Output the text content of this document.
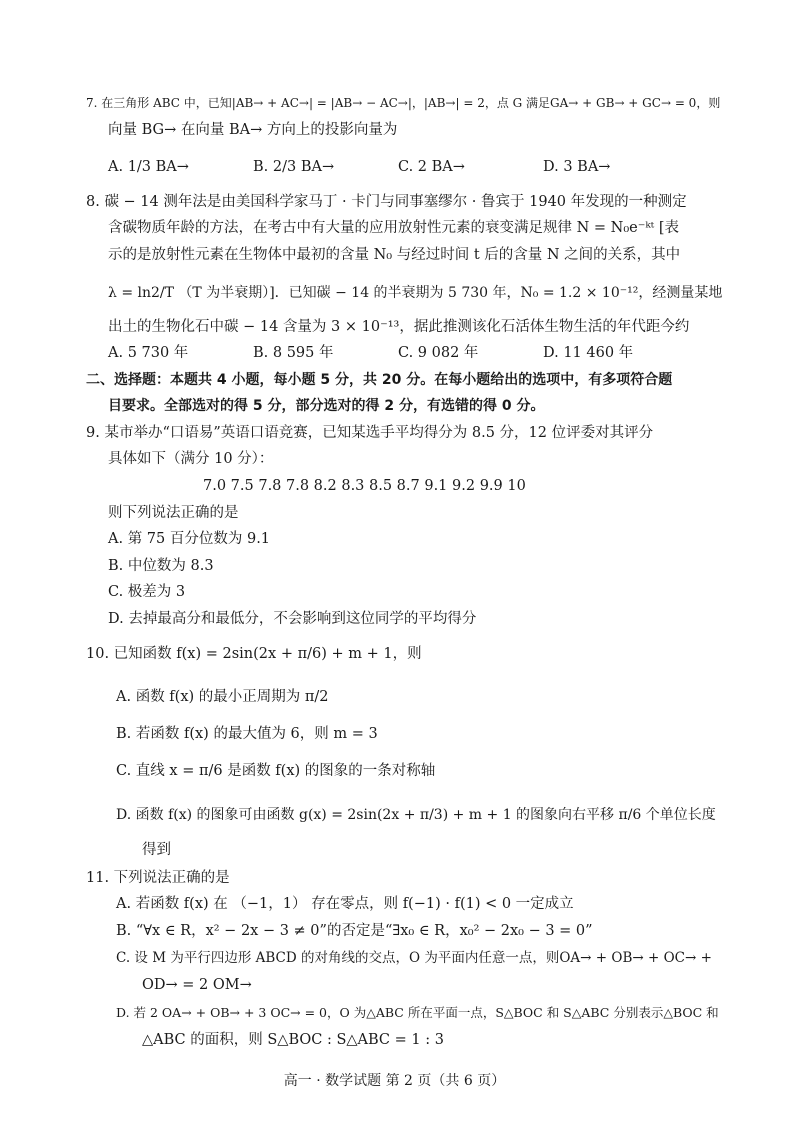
7. 在三角形 ABC 中，已知|AB→ + AC→| = |AB→ − AC→|，|AB→| = 2，点 G 满足GA→ + GB→ + GC→ = 0，则
向量 BG→ 在向量 BA→ 方向上的投影向量为
A. 1/3 BA→	B. 2/3 BA→	C. 2 BA→	D. 3 BA→
8. 碳 − 14 测年法是由美国科学家马丁 · 卡门与同事塞缪尔 · 鲁宾于 1940 年发现的一种测定
含碳物质年龄的方法，在考古中有大量的应用放射性元素的衰变满足规律 N = N₀e⁻ᵏᵗ [表
示的是放射性元素在生物体中最初的含量 N₀ 与经过时间 t 后的含量 N 之间的关系，其中
λ = ln2/T （T 为半衰期）]．已知碳 − 14 的半衰期为 5 730 年，N₀ = 1.2 × 10⁻¹²，经测量某地
出土的生物化石中碳 − 14 含量为 3 × 10⁻¹³，据此推测该化石活体生物生活的年代距今约
A. 5 730 年	B. 8 595 年	C. 9 082 年	D. 11 460 年
二、选择题：本题共 4 小题，每小题 5 分，共 20 分。在每小题给出的选项中，有多项符合题
目要求。全部选对的得 5 分，部分选对的得 2 分，有选错的得 0 分。
9. 某市举办“口语易”英语口语竞赛，已知某选手平均得分为 8.5 分，12 位评委对其评分
具体如下（满分 10 分）：
7.0 7.5 7.8 7.8 8.2 8.3 8.5 8.7 9.1 9.2 9.9 10
则下列说法正确的是
A. 第 75 百分位数为 9.1
B. 中位数为 8.3
C. 极差为 3
D. 去掉最高分和最低分，不会影响到这位同学的平均得分
10. 已知函数 f(x) = 2sin(2x + π/6) + m + 1，则
A. 函数 f(x) 的最小正周期为 π/2
B. 若函数 f(x) 的最大值为 6，则 m = 3
C. 直线 x = π/6 是函数 f(x) 的图象的一条对称轴
D. 函数 f(x) 的图象可由函数 g(x) = 2sin(2x + π/3) + m + 1 的图象向右平移 π/6 个单位长度
得到
11. 下列说法正确的是
A. 若函数 f(x) 在 （−1，1） 存在零点，则 f(−1) · f(1) < 0 一定成立
B. “∀x ∈ R，x² − 2x − 3 ≠ 0”的否定是“∃x₀ ∈ R，x₀² − 2x₀ − 3 = 0”
C. 设 M 为平行四边形 ABCD 的对角线的交点，O 为平面内任意一点，则OA→ + OB→ + OC→ +
OD→ = 2 OM→
D. 若 2 OA→ + OB→ + 3 OC→ = 0，O 为△ABC 所在平面一点，S△BOC 和 S△ABC 分别表示△BOC 和
△ABC 的面积，则 S△BOC : S△ABC = 1 : 3
高一 · 数学试题 第 2 页（共 6 页）
